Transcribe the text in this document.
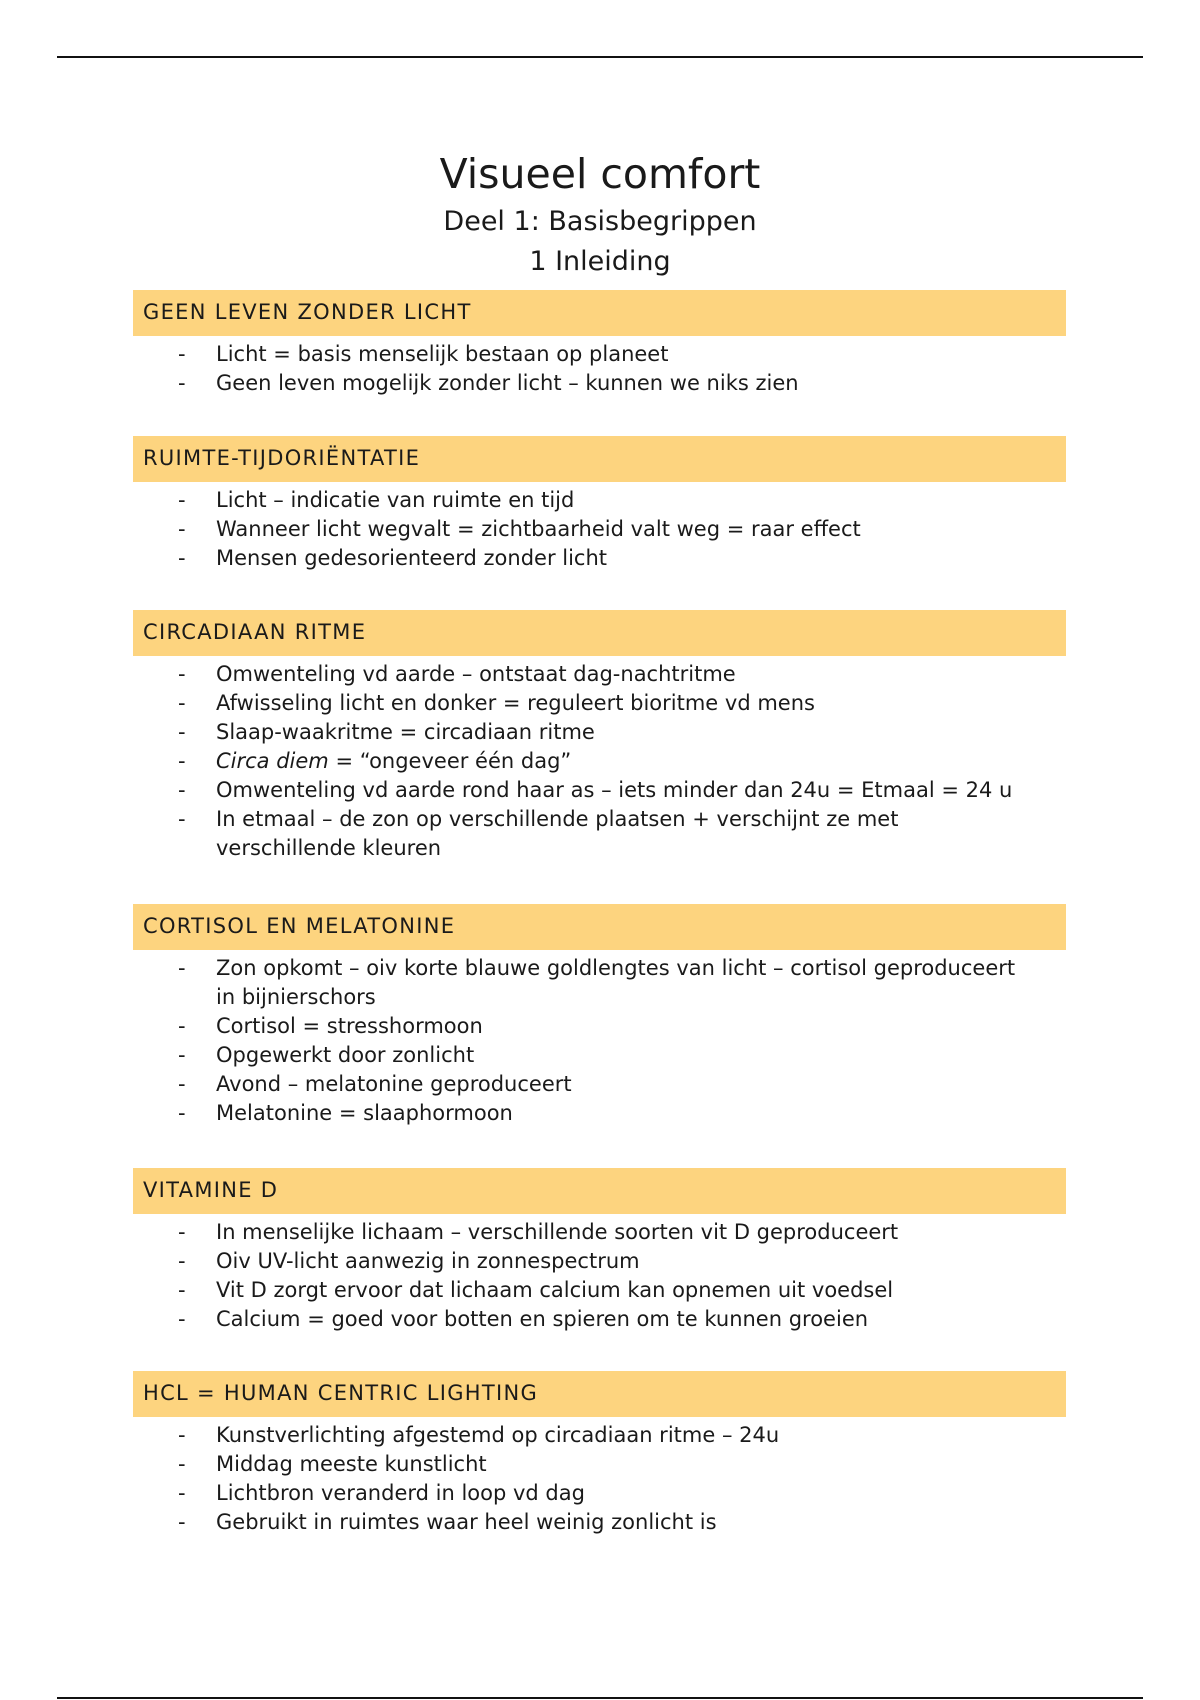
Visueel comfort
Deel 1: Basisbegrippen
1 Inleiding
GEEN LEVEN ZONDER LICHT
- Licht = basis menselijk bestaan op planeet
- Geen leven mogelijk zonder licht – kunnen we niks zien
RUIMTE-TIJDORIËNTATIE
- Licht – indicatie van ruimte en tijd
- Wanneer licht wegvalt = zichtbaarheid valt weg = raar effect
- Mensen gedesorienteerd zonder licht
CIRCADIAAN RITME
- Omwenteling vd aarde – ontstaat dag-nachtritme
- Afwisseling licht en donker = reguleert bioritme vd mens
- Slaap-waakritme = circadiaan ritme
- Circa diem = “ongeveer één dag”
- Omwenteling vd aarde rond haar as – iets minder dan 24u = Etmaal = 24 u
- In etmaal – de zon op verschillende plaatsen + verschijnt ze met verschillende kleuren
CORTISOL EN MELATONINE
- Zon opkomt – oiv korte blauwe goldlengtes van licht – cortisol geproduceert in bijnierschors
- Cortisol = stresshormoon
- Opgewerkt door zonlicht
- Avond – melatonine geproduceert
- Melatonine = slaaphormoon
VITAMINE D
- In menselijke lichaam – verschillende soorten vit D geproduceert
- Oiv UV-licht aanwezig in zonnespectrum
- Vit D zorgt ervoor dat lichaam calcium kan opnemen uit voedsel
- Calcium = goed voor botten en spieren om te kunnen groeien
HCL = HUMAN CENTRIC LIGHTING
- Kunstverlichting afgestemd op circadiaan ritme – 24u
- Middag meeste kunstlicht
- Lichtbron veranderd in loop vd dag
- Gebruikt in ruimtes waar heel weinig zonlicht is
